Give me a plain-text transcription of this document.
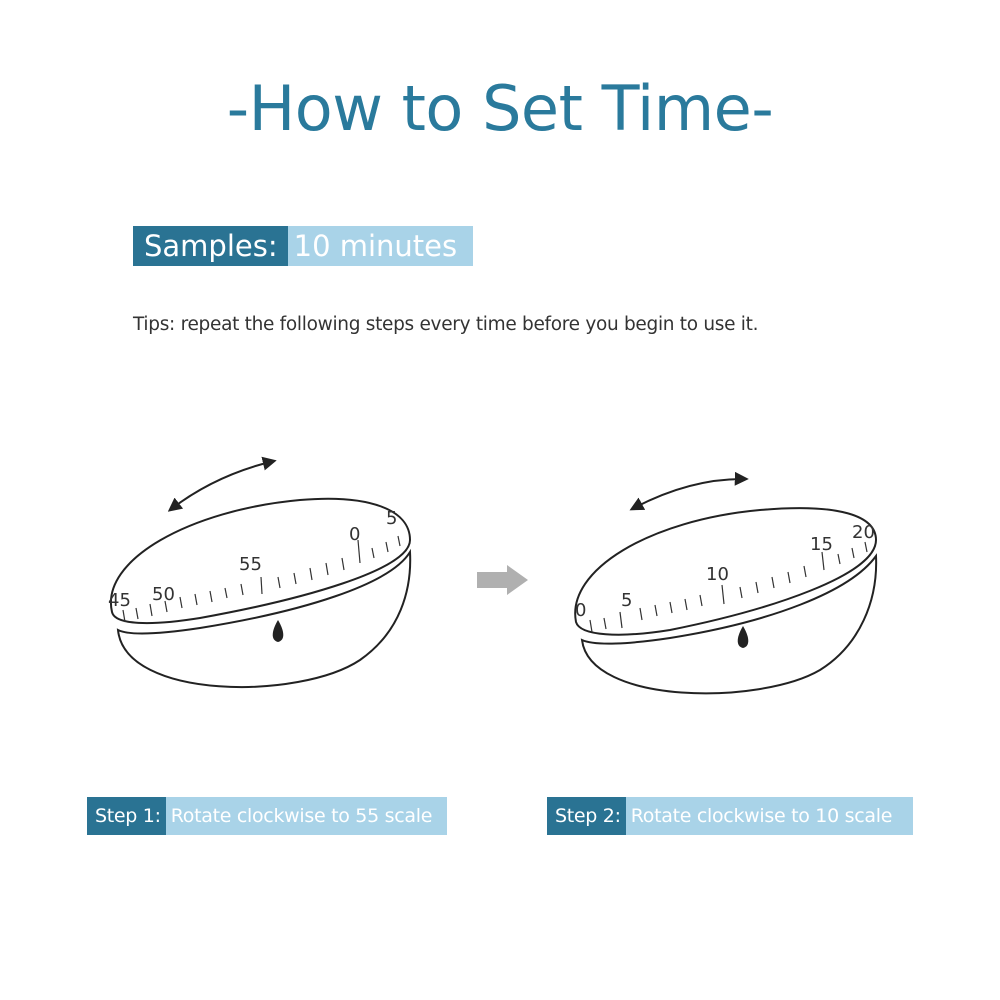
-How to Set Time-
Samples: 10 minutes
Tips: repeat the following steps every time before you begin to use it.
45 50
55
0
5
0 5
10
15
20
Step 1: Rotate clockwise to 55 scale	Step 2: Rotate clockwise to 10 scale
